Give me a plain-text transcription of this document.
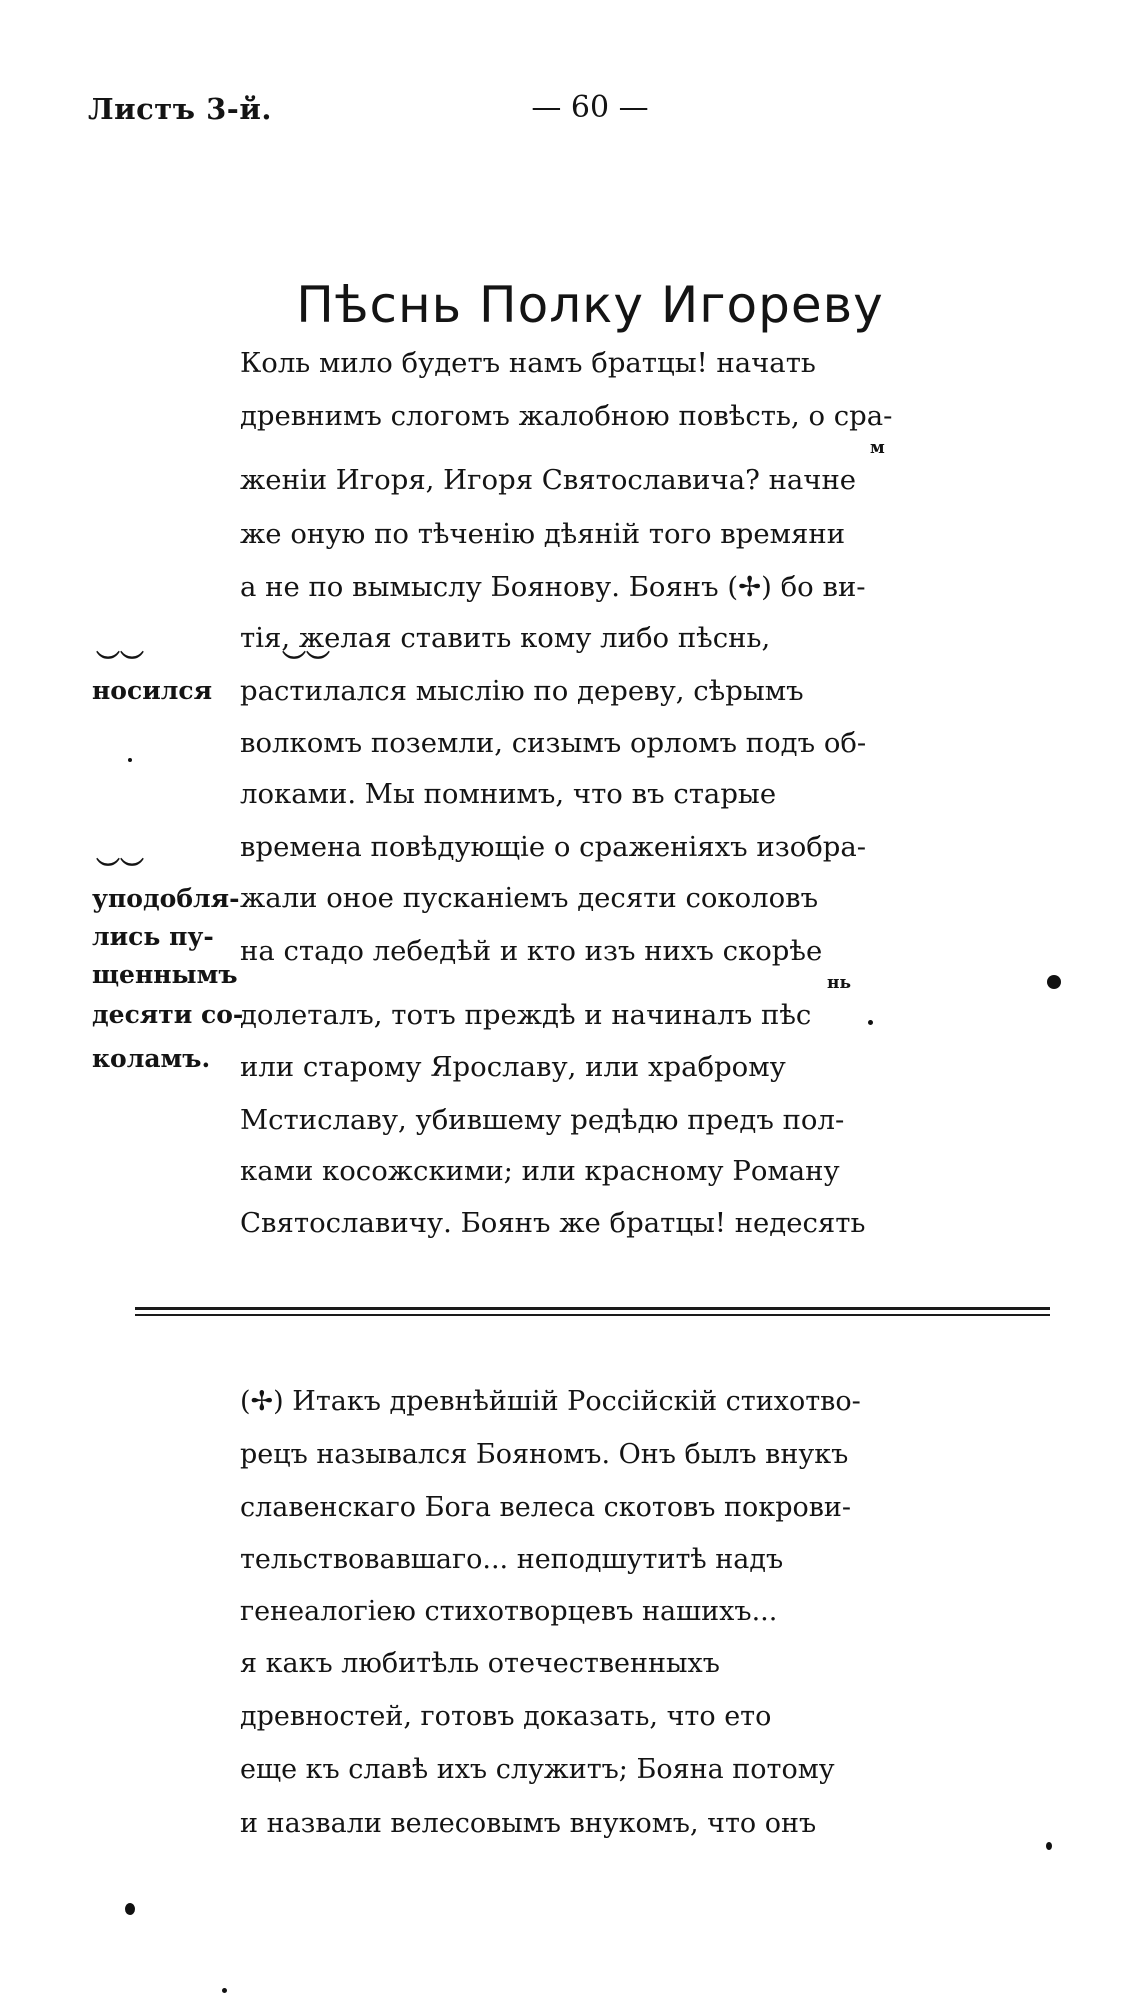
Листъ 3-й.	— 60 —
Пѣснь Полку Игореву
Коль мило будетъ намъ братцы! начать
древнимъ слогомъ жалобною повѣсть, о сра-
женіи Игоря, Игоря Святославича? начне
же оную по тѣченію дѣяній того времяни
а не по вымыслу Боянову. Боянъ (✢) бо ви-
тія, желая ставить кому либо пѣснь,
растилался мыслію по дереву, сѣрымъ
волкомъ поземли, сизымъ орломъ подъ об-
локами. Мы помнимъ, что въ старые
времена повѣдующіе о сраженіяхъ изобра-
жали оное пусканіемъ десяти соколовъ
на стадо лебедѣй и кто изъ нихъ скорѣе
долеталъ, тотъ преждѣ и начиналъ пѣс
или старому Ярославу, или храброму
Мстиславу, убившему редѣдю предъ пол-
ками косожскими; или красному Роману
Святославичу. Боянъ же братцы! недесять
м
нь
︶︶	︶︶
︶︶
носился
уподобля-
лись пу-
щеннымъ
десяти со-
коламъ.
(✢) Итакъ древнѣйшій Россійскій стихотво-
рецъ назывался Бояномъ. Онъ былъ внукъ
славенскаго Бога велеса скотовъ покрови-
тельствовавшаго... неподшутитѣ надъ
генеалогіею стихотворцевъ нашихъ...
я какъ любитѣль отечественныхъ
древностей, готовъ доказать, что ето
еще къ славѣ ихъ служитъ; Бояна потому
и назвали велесовымъ внукомъ, что онъ
